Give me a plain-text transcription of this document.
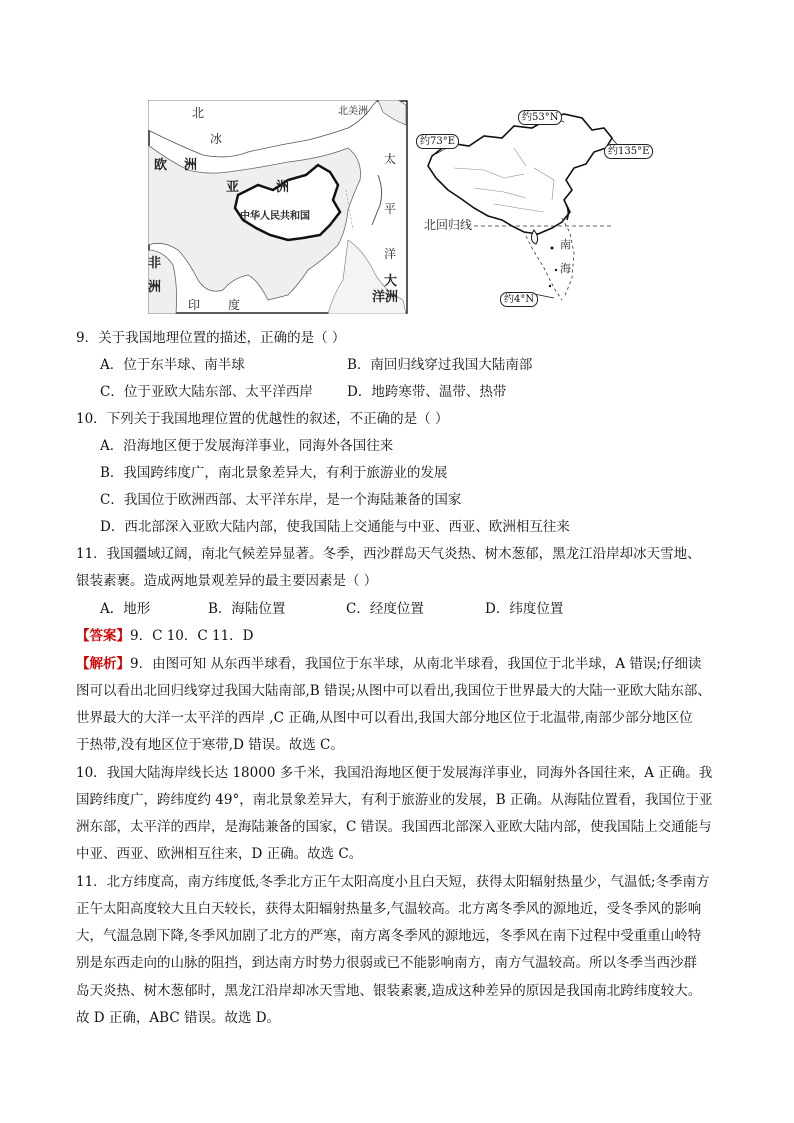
北
冰
北美洲
欧 洲
亚	洲
中华人民共和国
太
平
洋
非
洲
印 度
大
洋洲
约73°E
约53°N
约135°E
北回归线
南
海
约4°N
9．关于我国地理位置的描述，正确的是（ ）
A．位于东半球、南半球	B．南回归线穿过我国大陆南部
C．位于亚欧大陆东部、太平洋西岸	D．地跨寒带、温带、热带
10．下列关于我国地理位置的优越性的叙述，不正确的是（ ）
A．沿海地区便于发展海洋事业，同海外各国往来
B．我国跨纬度广，南北景象差异大，有利于旅游业的发展
C．我国位于欧洲西部、太平洋东岸，是一个海陆兼备的国家
D．西北部深入亚欧大陆内部，使我国陆上交通能与中亚、西亚、欧洲相互往来
11．我国疆域辽阔，南北气候差异显著。冬季，西沙群岛天气炎热、树木葱郁，黑龙江沿岸却冰天雪地、
银装素裹。造成两地景观差异的最主要因素是（ ）
A．地形	B．海陆位置	C．经度位置	D．纬度位置
【答案】9．C 10．C 11．D
【解析】9．由图可知 从东西半球看，我国位于东半球，从南北半球看，我国位于北半球，A 错误;仔细读
图可以看出北回归线穿过我国大陆南部,B 错误;从图中可以看出,我国位于世界最大的大陆一亚欧大陆东部、
世界最大的大洋一太平洋的西岸 ,C 正确,从图中可以看出,我国大部分地区位于北温带,南部少部分地区位
于热带,没有地区位于寒带,D 错误。故选 C。
10．我国大陆海岸线长达 18000 多千米，我国沿海地区便于发展海洋事业，同海外各国往来，A 正确。我
国跨纬度广，跨纬度约 49°，南北景象差异大，有利于旅游业的发展，B 正确。从海陆位置看，我国位于亚
洲东部，太平洋的西岸，是海陆兼备的国家，C 错误。我国西北部深入亚欧大陆内部，使我国陆上交通能与
中亚、西亚、欧洲相互往来，D 正确。故选 C。
11．北方纬度高，南方纬度低,冬季北方正午太阳高度小且白天短，获得太阳辐射热量少，气温低;冬季南方
正午太阳高度较大且白天较长，获得太阳辐射热量多,气温较高。北方离冬季风的源地近，受冬季风的影响
大，气温急剧下降,冬季风加剧了北方的严寒，南方离冬季风的源地远，冬季风在南下过程中受重重山岭特
别是东西走向的山脉的阻挡，到达南方时势力很弱或已不能影响南方，南方气温较高。所以冬季当西沙群
岛天炎热、树木葱郁时，黑龙江沿岸却冰天雪地、银装素裹,造成这种差异的原因是我国南北跨纬度较大。
故 D 正确，ABC 错误。故选 D。
